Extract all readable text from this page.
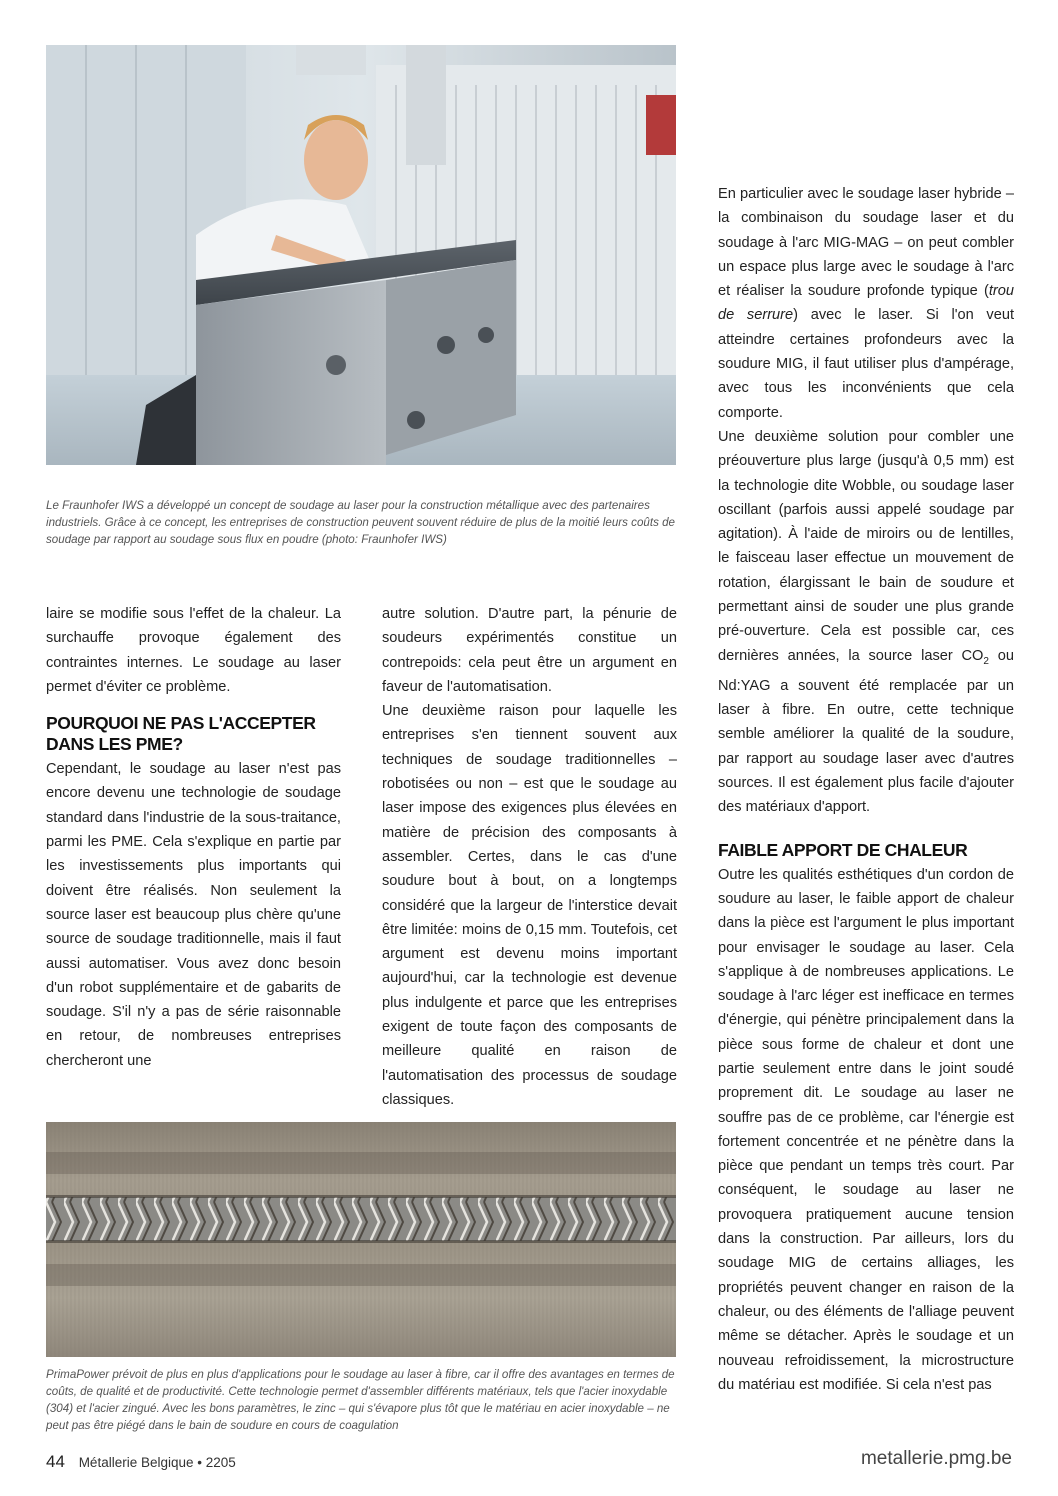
Le Fraunhofer IWS a développé un concept de soudage au laser pour la construction métallique avec des partenaires industriels. Grâce à ce concept, les entreprises de construction peuvent souvent réduire de plus de la moitié leurs coûts de soudage par rapport au soudage sous flux en poudre (photo: Fraunhofer IWS)

laire se modifie sous l'effet de la chaleur. La surchauffe provoque également des contraintes internes. Le soudage au laser permet d'éviter ce problème.

POURQUOI NE PAS L'ACCEPTER DANS LES PME?

Cependant, le soudage au laser n'est pas encore devenu une technologie de soudage standard dans l'industrie de la sous-traitance, parmi les PME. Cela s'explique en partie par les investissements plus importants qui doivent être réalisés. Non seulement la source laser est beaucoup plus chère qu'une source de soudage traditionnelle, mais il faut aussi automatiser. Vous avez donc besoin d'un robot supplémentaire et de gabarits de soudage. S'il n'y a pas de série raisonnable en retour, de nombreuses entreprises chercheront une

autre solution. D'autre part, la pénurie de soudeurs expérimentés constitue un contrepoids: cela peut être un argument en faveur de l'automatisation.

Une deuxième raison pour laquelle les entreprises s'en tiennent souvent aux techniques de soudage traditionnelles – robotisées ou non – est que le soudage au laser impose des exigences plus élevées en matière de précision des composants à assembler. Certes, dans le cas d'une soudure bout à bout, on a longtemps considéré que la largeur de l'interstice devait être limitée: moins de 0,15 mm. Toutefois, cet argument est devenu moins important aujourd'hui, car la technologie est devenue plus indulgente et parce que les entreprises exigent de toute façon des composants de meilleure qualité en raison de l'automatisation des processus de soudage classiques.

PrimaPower prévoit de plus en plus d'applications pour le soudage au laser à fibre, car il offre des avantages en termes de coûts, de qualité et de productivité. Cette technologie permet d'assembler différents matériaux, tels que l'acier inoxydable (304) et l'acier zingué. Avec les bons paramètres, le zinc – qui s'évapore plus tôt que le matériau en acier inoxydable – ne peut pas être piégé dans le bain de soudure en cours de coagulation

En particulier avec le soudage laser hybride – la combinaison du soudage laser et du soudage à l'arc MIG-MAG – on peut combler un espace plus large avec le soudage à l'arc et réaliser la soudure profonde typique (trou de serrure) avec le laser. Si l'on veut atteindre certaines profondeurs avec la soudure MIG, il faut utiliser plus d'ampérage, avec tous les inconvénients que cela comporte.

Une deuxième solution pour combler une préouverture plus large (jusqu'à 0,5 mm) est la technologie dite Wobble, ou soudage laser oscillant (parfois aussi appelé soudage par agitation). À l'aide de miroirs ou de lentilles, le faisceau laser effectue un mouvement de rotation, élargissant le bain de soudure et permettant ainsi de souder une plus grande pré-ouverture. Cela est possible car, ces dernières années, la source laser $CO_2$ ou Nd:YAG a souvent été remplacée par un laser à fibre. En outre, cette technique semble améliorer la qualité de la soudure, par rapport au soudage laser avec d'autres sources. Il est également plus facile d'ajouter des matériaux d'apport.

FAIBLE APPORT DE CHALEUR

Outre les qualités esthétiques d'un cordon de soudure au laser, le faible apport de chaleur dans la pièce est l'argument le plus important pour envisager le soudage au laser. Cela s'applique à de nombreuses applications. Le soudage à l'arc léger est inefficace en termes d'énergie, qui pénètre principalement dans la pièce sous forme de chaleur et dont une partie seulement entre dans le joint soudé proprement dit. Le soudage au laser ne souffre pas de ce problème, car l'énergie est fortement concentrée et ne pénètre dans la pièce que pendant un temps très court. Par conséquent, le soudage au laser ne provoquera pratiquement aucune tension dans la construction. Par ailleurs, lors du soudage MIG de certains alliages, les propriétés peuvent changer en raison de la chaleur, ou des éléments de l'alliage peuvent même se détacher. Après le soudage et un nouveau refroidissement, la microstructure du matériau est modifiée. Si cela n'est pas

44 Métallerie Belgique • 2205	metallerie.pmg.be
